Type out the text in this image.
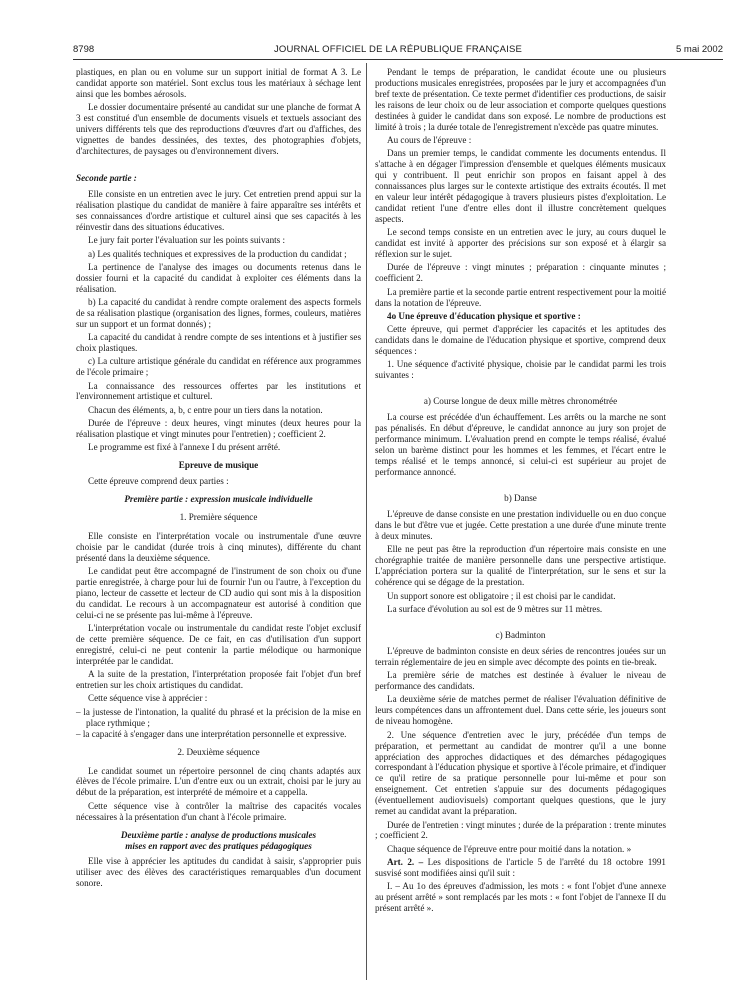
8798	JOURNAL OFFICIEL DE LA RÉPUBLIQUE FRANÇAISE	5 mai 2002

plastiques, en plan ou en volume sur un support initial de format A 3. Le candidat apporte son matériel. Sont exclus tous les matériaux à séchage lent ainsi que les bombes aérosols.

Le dossier documentaire présenté au candidat sur une planche de format A 3 est constitué d'un ensemble de documents visuels et textuels associant des univers différents tels que des reproductions d'œuvres d'art ou d'affiches, des vignettes de bandes dessinées, des textes, des photographies d'objets, d'architectures, de paysages ou d'environnement divers.

Seconde partie :

Elle consiste en un entretien avec le jury. Cet entretien prend appui sur la réalisation plastique du candidat de manière à faire apparaître ses intérêts et ses connaissances d'ordre artistique et culturel ainsi que ses capacités à les réinvestir dans des situations éducatives.

Le jury fait porter l'évaluation sur les points suivants :

a) Les qualités techniques et expressives de la production du candidat ;

La pertinence de l'analyse des images ou documents retenus dans le dossier fourni et la capacité du candidat à exploiter ces éléments dans la réalisation.

b) La capacité du candidat à rendre compte oralement des aspects formels de sa réalisation plastique (organisation des lignes, formes, couleurs, matières sur un support et un format donnés) ;

La capacité du candidat à rendre compte de ses intentions et à justifier ses choix plastiques.

c) La culture artistique générale du candidat en référence aux programmes de l'école primaire ;

La connaissance des ressources offertes par les institutions et l'environnement artistique et culturel.

Chacun des éléments, a, b, c entre pour un tiers dans la notation.

Durée de l'épreuve : deux heures, vingt minutes (deux heures pour la réalisation plastique et vingt minutes pour l'entretien) ; coefficient 2.

Le programme est fixé à l'annexe I du présent arrêté.

Epreuve de musique

Cette épreuve comprend deux parties :

Première partie : expression musicale individuelle

1. Première séquence

Elle consiste en l'interprétation vocale ou instrumentale d'une œuvre choisie par le candidat (durée trois à cinq minutes), différente du chant présenté dans la deuxième séquence.

Le candidat peut être accompagné de l'instrument de son choix ou d'une partie enregistrée, à charge pour lui de fournir l'un ou l'autre, à l'exception du piano, lecteur de cassette et lecteur de CD audio qui sont mis à la disposition du candidat. Le recours à un accompagnateur est autorisé à condition que celui-ci ne se présente pas lui-même à l'épreuve.

L'interprétation vocale ou instrumentale du candidat reste l'objet exclusif de cette première séquence. De ce fait, en cas d'utilisation d'un support enregistré, celui-ci ne peut contenir la partie mélodique ou harmonique interprétée par le candidat.

A la suite de la prestation, l'interprétation proposée fait l'objet d'un bref entretien sur les choix artistiques du candidat.

Cette séquence vise à apprécier :

– la justesse de l'intonation, la qualité du phrasé et la précision de la mise en place rythmique ;
– la capacité à s'engager dans une interprétation personnelle et expressive.

2. Deuxième séquence

Le candidat soumet un répertoire personnel de cinq chants adaptés aux élèves de l'école primaire. L'un d'entre eux ou un extrait, choisi par le jury au début de la préparation, est interprété de mémoire et a cappella.

Cette séquence vise à contrôler la maîtrise des capacités vocales nécessaires à la présentation d'un chant à l'école primaire.

Deuxième partie : analyse de productions musicales

mises en rapport avec des pratiques pédagogiques

Elle vise à apprécier les aptitudes du candidat à saisir, s'approprier puis utiliser avec des élèves des caractéristiques remarquables d'un document sonore.

Pendant le temps de préparation, le candidat écoute une ou plusieurs productions musicales enregistrées, proposées par le jury et accompagnées d'un bref texte de présentation. Ce texte permet d'identifier ces productions, de saisir les raisons de leur choix ou de leur association et comporte quelques questions destinées à guider le candidat dans son exposé. Le nombre de productions est limité à trois ; la durée totale de l'enregistrement n'excède pas quatre minutes.

Au cours de l'épreuve :

Dans un premier temps, le candidat commente les documents entendus. Il s'attache à en dégager l'impression d'ensemble et quelques éléments musicaux qui y contribuent. Il peut enrichir son propos en faisant appel à des connaissances plus larges sur le contexte artistique des extraits écoutés. Il met en valeur leur intérêt pédagogique à travers plusieurs pistes d'exploitation. Le candidat retient l'une d'entre elles dont il illustre concrètement quelques aspects.

Le second temps consiste en un entretien avec le jury, au cours duquel le candidat est invité à apporter des précisions sur son exposé et à élargir sa réflexion sur le sujet.

Durée de l'épreuve : vingt minutes ; préparation : cinquante minutes ; coefficient 2.

La première partie et la seconde partie entrent respectivement pour la moitié dans la notation de l'épreuve.

4o Une épreuve d'éducation physique et sportive :

Cette épreuve, qui permet d'apprécier les capacités et les aptitudes des candidats dans le domaine de l'éducation physique et sportive, comprend deux séquences :

1. Une séquence d'activité physique, choisie par le candidat parmi les trois suivantes :

a) Course longue de deux mille mètres chronométrée

La course est précédée d'un échauffement. Les arrêts ou la marche ne sont pas pénalisés. En début d'épreuve, le candidat annonce au jury son projet de performance minimum. L'évaluation prend en compte le temps réalisé, évalué selon un barème distinct pour les hommes et les femmes, et l'écart entre le temps réalisé et le temps annoncé, si celui-ci est supérieur au projet de performance annoncé.

b) Danse

L'épreuve de danse consiste en une prestation individuelle ou en duo conçue dans le but d'être vue et jugée. Cette prestation a une durée d'une minute trente à deux minutes.

Elle ne peut pas être la reproduction d'un répertoire mais consiste en une chorégraphie traitée de manière personnelle dans une perspective artistique. L'appréciation portera sur la qualité de l'interprétation, sur le sens et sur la cohérence qui se dégage de la prestation.

Un support sonore est obligatoire ; il est choisi par le candidat.

La surface d'évolution au sol est de 9 mètres sur 11 mètres.

c) Badminton

L'épreuve de badminton consiste en deux séries de rencontres jouées sur un terrain réglementaire de jeu en simple avec décompte des points en tie-break.

La première série de matches est destinée à évaluer le niveau de performance des candidats.

La deuxième série de matches permet de réaliser l'évaluation définitive de leurs compétences dans un affrontement duel. Dans cette série, les joueurs sont de niveau homogène.

2. Une séquence d'entretien avec le jury, précédée d'un temps de préparation, et permettant au candidat de montrer qu'il a une bonne appréciation des approches didactiques et des démarches pédagogiques correspondant à l'éducation physique et sportive à l'école primaire, et d'indiquer ce qu'il retire de sa pratique personnelle pour lui-même et pour son enseignement. Cet entretien s'appuie sur des documents pédagogiques (éventuellement audiovisuels) comportant quelques questions, que le jury remet au candidat avant la préparation.

Durée de l'entretien : vingt minutes ; durée de la préparation : trente minutes ; coefficient 2.

Chaque séquence de l'épreuve entre pour moitié dans la notation. »

Art. 2. – Les dispositions de l'article 5 de l'arrêté du 18 octobre 1991 susvisé sont modifiées ainsi qu'il suit :

I. – Au 1o des épreuves d'admission, les mots : « font l'objet d'une annexe au présent arrêté » sont remplacés par les mots : « font l'objet de l'annexe II du présent arrêté ».
